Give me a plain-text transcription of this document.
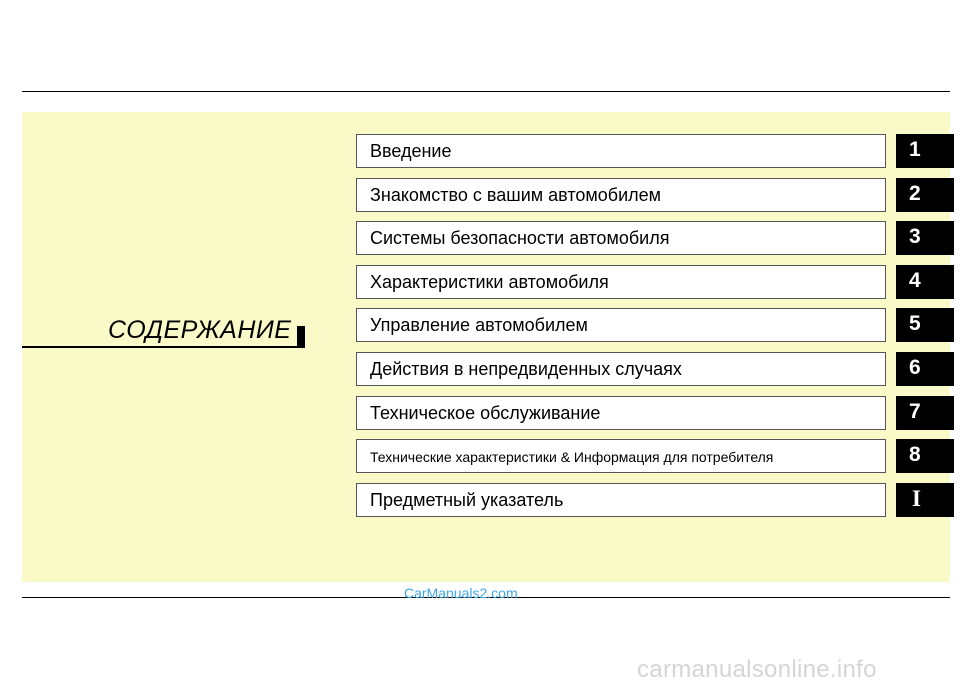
СОДЕРЖАНИЕ
Введение	1
Знакомство с вашим автомобилем	2
Системы безопасности автомобиля	3
Характеристики автомобиля	4
Управление автомобилем	5
Действия в непредвиденных случаях	6
Техническое обслуживание	7
Технические характеристики & Информация для потребителя	8
Предметный указатель	I
CarManuals2.com
carmanualsonline.info
